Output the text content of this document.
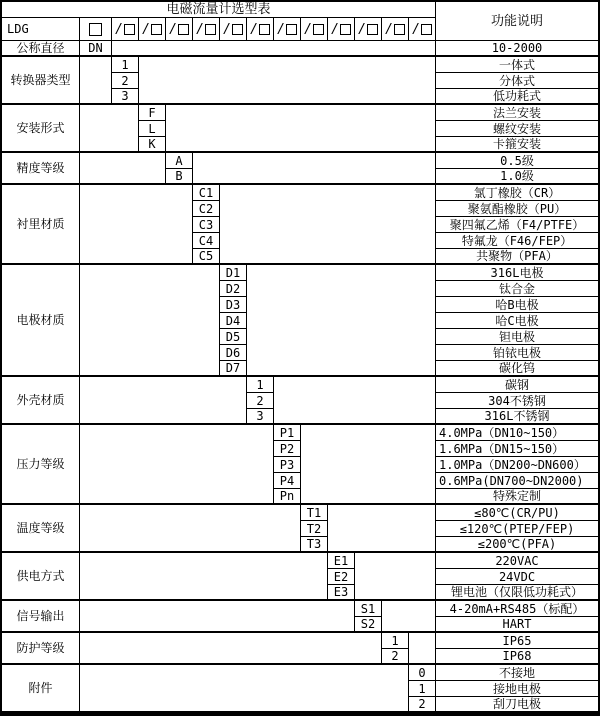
电磁流量计选型表
功能说明
LDG	/ / / / / / / / / / / /
公称直径	DN	10-2000
转换器类型
1	一体式
2	分体式
3	低功耗式
安装形式
F	法兰安装
L	螺纹安装
K	卡箍安装
精度等级
A	0.5级
B	1.0级
衬里材质
C1	氯丁橡胶（CR）
C2	聚氨酯橡胶（PU）
C3	聚四氟乙烯（F4/PTFE）
C4	特氟龙（F46/FEP）
C5	共聚物（PFA）
电极材质
D1	316L电极
D2	钛合金
D3	哈B电极
D4	哈C电极
D5	钽电极
D6	铂铱电极
D7	碳化钨
外壳材质
1	碳钢
2	304不锈钢
3	316L不锈钢
压力等级
P1	4.0MPa（DN10~150）
P2	1.6MPa（DN15~150）
P3	1.0MPa（DN200~DN600）
P4	0.6MPa(DN700~DN2000)
Pn	特殊定制
温度等级
T1	≤80℃(CR/PU)
T2	≤120℃(PTEP/FEP)
T3	≤200℃(PFA)
供电方式
E1	220VAC
E2	24VDC
E3	锂电池（仅限低功耗式）
信号输出
S1	4-20mA+RS485（标配）
S2	HART
防护等级
1	IP65
2	IP68
附件
0	不接地
1	接地电极
2	刮刀电极
